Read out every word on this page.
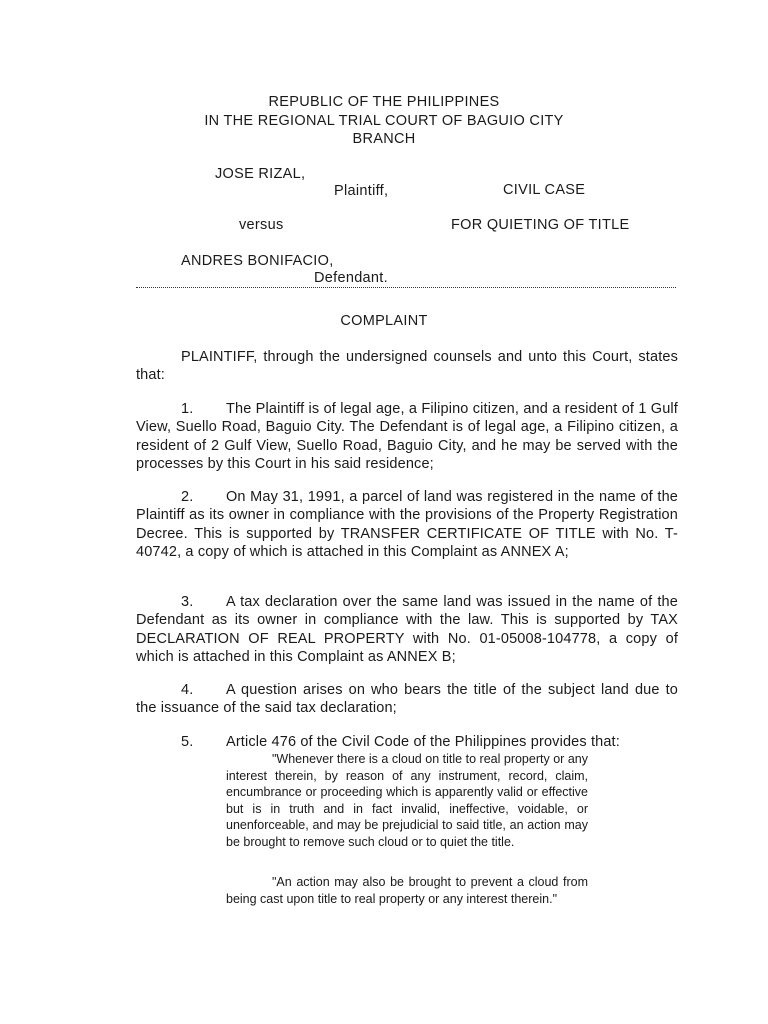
REPUBLIC OF THE PHILIPPINES
IN THE REGIONAL TRIAL COURT OF BAGUIO CITY
BRANCH
JOSE RIZAL,
Plaintiff,	CIVIL CASE
versus	FOR QUIETING OF TITLE
ANDRES BONIFACIO,
Defendant.
COMPLAINT
PLAINTIFF, through the undersigned counsels and unto this Court, states that:
1. The Plaintiff is of legal age, a Filipino citizen, and a resident of 1 Gulf View, Suello Road, Baguio City. The Defendant is of legal age, a Filipino citizen, a resident of 2 Gulf View, Suello Road, Baguio City, and he may be served with the processes by this Court in his said residence;
2. On May 31, 1991, a parcel of land was registered in the name of the Plaintiff as its owner in compliance with the provisions of the Property Registration Decree. This is supported by TRANSFER CERTIFICATE OF TITLE with No. T-40742, a copy of which is attached in this Complaint as ANNEX A;
3. A tax declaration over the same land was issued in the name of the Defendant as its owner in compliance with the law. This is supported by TAX DECLARATION OF REAL PROPERTY with No. 01-05008-104778, a copy of which is attached in this Complaint as ANNEX B;
4. A question arises on who bears the title of the subject land due to the issuance of the said tax declaration;
5. Article 476 of the Civil Code of the Philippines provides that:
"Whenever there is a cloud on title to real property or any interest therein, by reason of any instrument, record, claim, encumbrance or proceeding which is apparently valid or effective but is in truth and in fact invalid, ineffective, voidable, or unenforceable, and may be prejudicial to said title, an action may be brought to remove such cloud or to quiet the title.
"An action may also be brought to prevent a cloud from being cast upon title to real property or any interest therein."
